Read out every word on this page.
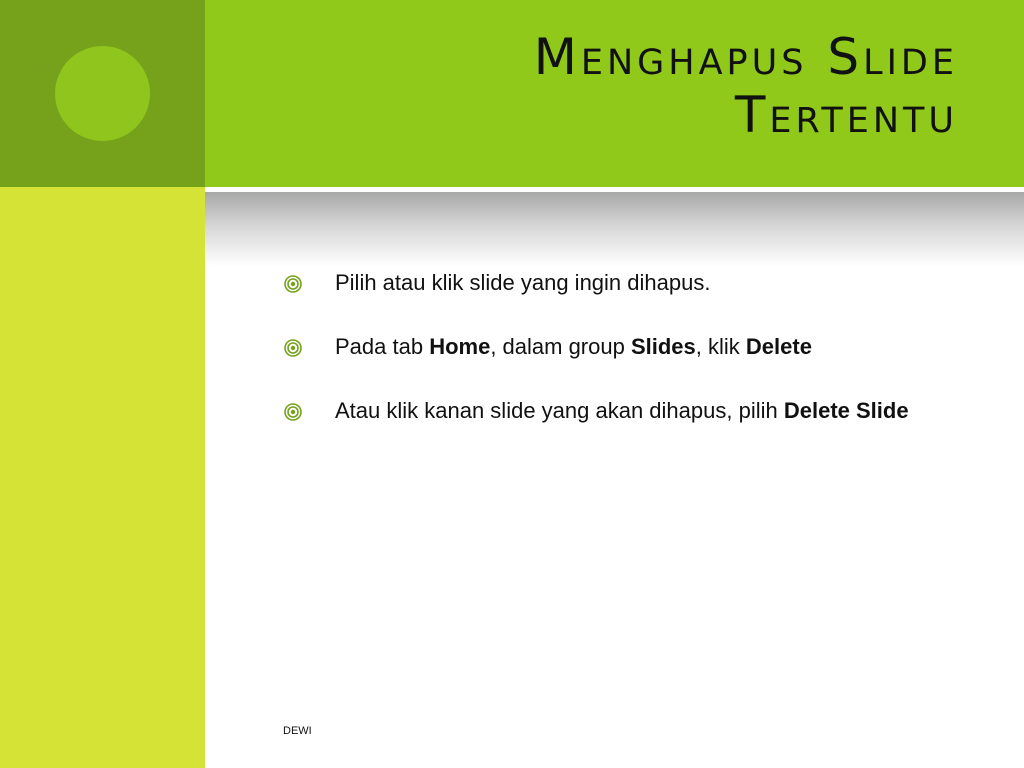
Menghapus Slide
Tertentu
Pilih atau klik slide yang ingin dihapus.
Pada tab Home, dalam group Slides, klik Delete
Atau klik kanan slide yang akan dihapus, pilih Delete Slide
DEWI
